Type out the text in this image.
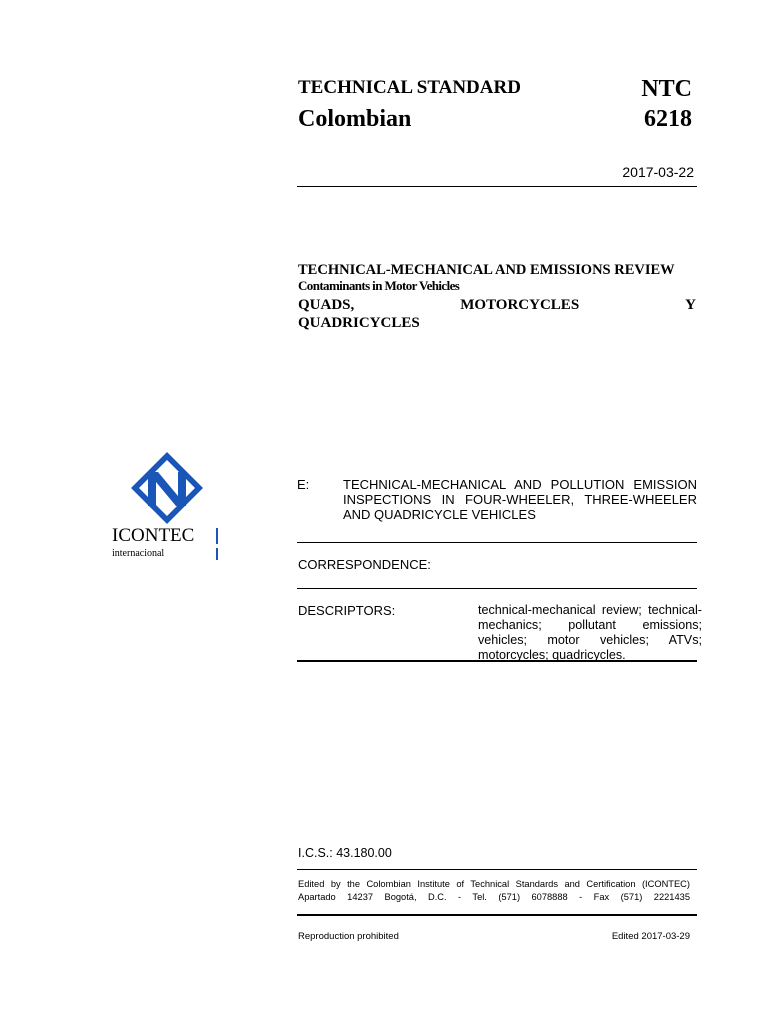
TECHNICAL STANDARD
Colombian
NTC
6218
2017-03-22
TECHNICAL-MECHANICAL AND EMISSIONS REVIEW
Contaminants in Motor Vehicles
QUADS,	MOTORCYCLES	Y
QUADRICYCLES
ICONTEC
internacional
E:	TECHNICAL-MECHANICAL AND POLLUTION EMISSION INSPECTIONS IN FOUR-WHEELER, THREE-WHEELER AND QUADRICYCLE VEHICLES
CORRESPONDENCE:
DESCRIPTORS:	technical-mechanical review; technical-mechanics; pollutant emissions; vehicles; motor vehicles; ATVs; motorcycles; quadricycles.
I.C.S.: 43.180.00
Edited by the Colombian Institute of Technical Standards and Certification (ICONTEC)
Apartado 14237 Bogotá, D.C. - Tel. (571) 6078888 - Fax (571) 2221435
Reproduction prohibited	Edited 2017-03-29
